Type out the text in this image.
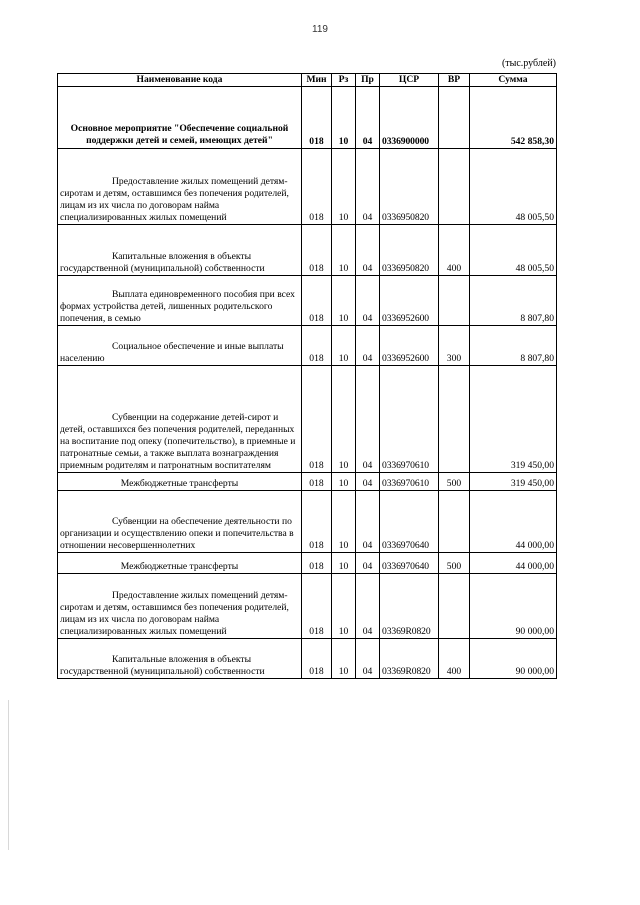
119
(тыс.рублей)
Наименование кода	Мин	Рз	Пр	ЦСР	ВР	Сумма
Основное мероприятие "Обеспечение социальной поддержки детей и семей, имеющих детей"	018	10	04	0336900000		542 858,30
Предоставление жилых помещений детям-сиротам и детям, оставшимся без попечения родителей, лицам из их числа по договорам найма специализированных жилых помещений	018	10	04	0336950820		48 005,50
Капитальные вложения в объекты государственной (муниципальной) собственности	018	10	04	0336950820	400	48 005,50
Выплата единовременного пособия при всех формах устройства детей, лишенных родительского попечения, в семью	018	10	04	0336952600		8 807,80
Социальное обеспечение и иные выплаты населению	018	10	04	0336952600	300	8 807,80
Субвенции на содержание детей-сирот и детей, оставшихся без попечения родителей, переданных на воспитание под опеку (попечительство), в приемные и патронатные семьи, а также выплата вознаграждения приемным родителям и патронатным воспитателям	018	10	04	0336970610		319 450,00
Межбюджетные трансферты	018	10	04	0336970610	500	319 450,00
Субвенции на обеспечение деятельности по организации и осуществлению опеки и попечительства в отношении несовершеннолетних	018	10	04	0336970640		44 000,00
Межбюджетные трансферты	018	10	04	0336970640	500	44 000,00
Предоставление жилых помещений детям-сиротам и детям, оставшимся без попечения родителей, лицам из их числа по договорам найма специализированных жилых помещений	018	10	04	03369R0820		90 000,00
Капитальные вложения в объекты государственной (муниципальной) собственности	018	10	04	03369R0820	400	90 000,00
